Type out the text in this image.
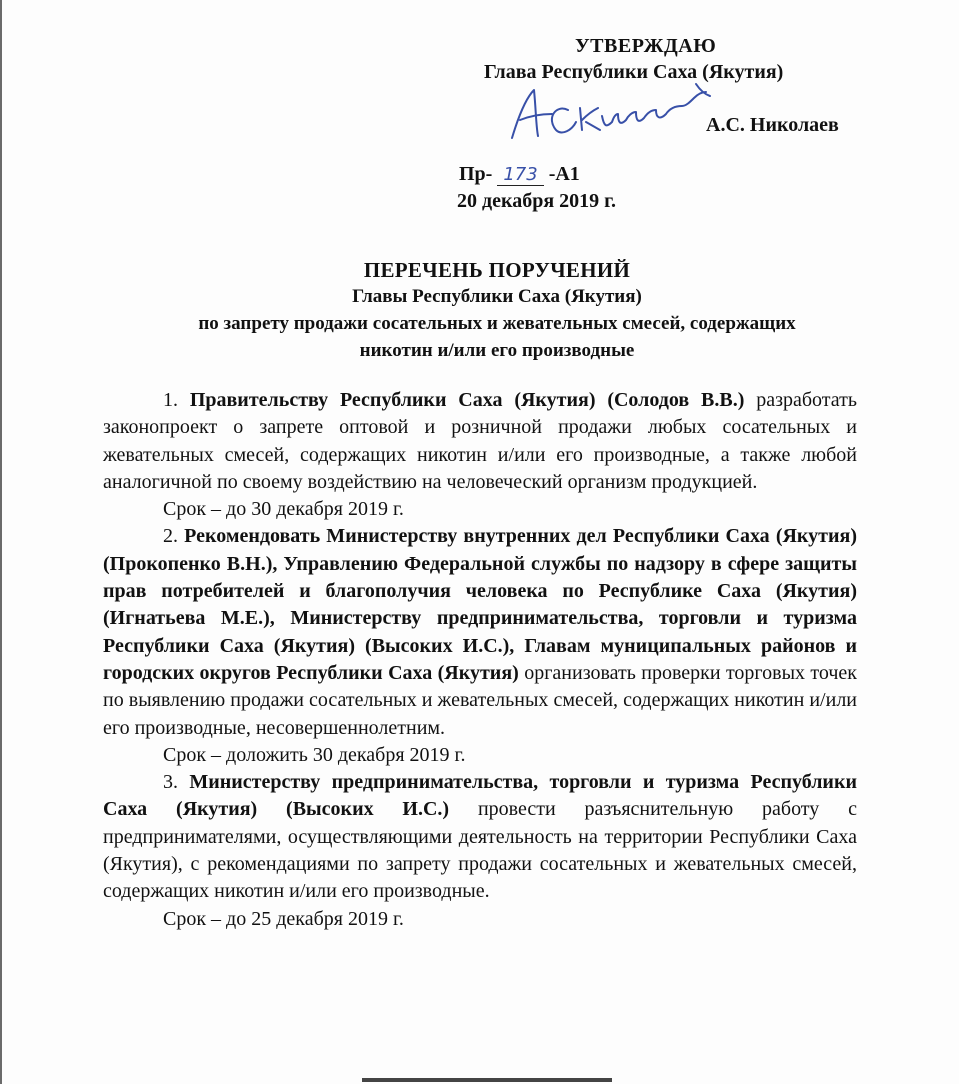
УТВЕРЖДАЮ
Глава Республики Саха (Якутия)
А.С. Николаев
Пр- 173 -А1
20 декабря 2019 г.
ПЕРЕЧЕНЬ ПОРУЧЕНИЙ
Главы Республики Саха (Якутия)
по запрету продажи сосательных и жевательных смесей, содержащих
никотин и/или его производные

1. Правительству Республики Саха (Якутия) (Солодов В.В.) разработать законопроект о запрете оптовой и розничной продажи любых сосательных и жевательных смесей, содержащих никотин и/или его производные, а также любой аналогичной по своему воздействию на человеческий организм продукцией.

Срок – до 30 декабря 2019 г.

2. Рекомендовать Министерству внутренних дел Республики Саха (Якутия) (Прокопенко В.Н.), Управлению Федеральной службы по надзору в сфере защиты прав потребителей и благополучия человека по Республике Саха (Якутия) (Игнатьева М.Е.), Министерству предпринимательства, торговли и туризма Республики Саха (Якутия) (Высоких И.С.), Главам муниципальных районов и городских округов Республики Саха (Якутия) организовать проверки торговых точек по выявлению продажи сосательных и жевательных смесей, содержащих никотин и/или его производные, несовершеннолетним.

Срок – доложить 30 декабря 2019 г.

3. Министерству предпринимательства, торговли и туризма Республики Саха (Якутия) (Высоких И.С.) провести разъяснительную работу с предпринимателями, осуществляющими деятельность на территории Республики Саха (Якутия), с рекомендациями по запрету продажи сосательных и жевательных смесей, содержащих никотин и/или его производные.

Срок – до 25 декабря 2019 г.
